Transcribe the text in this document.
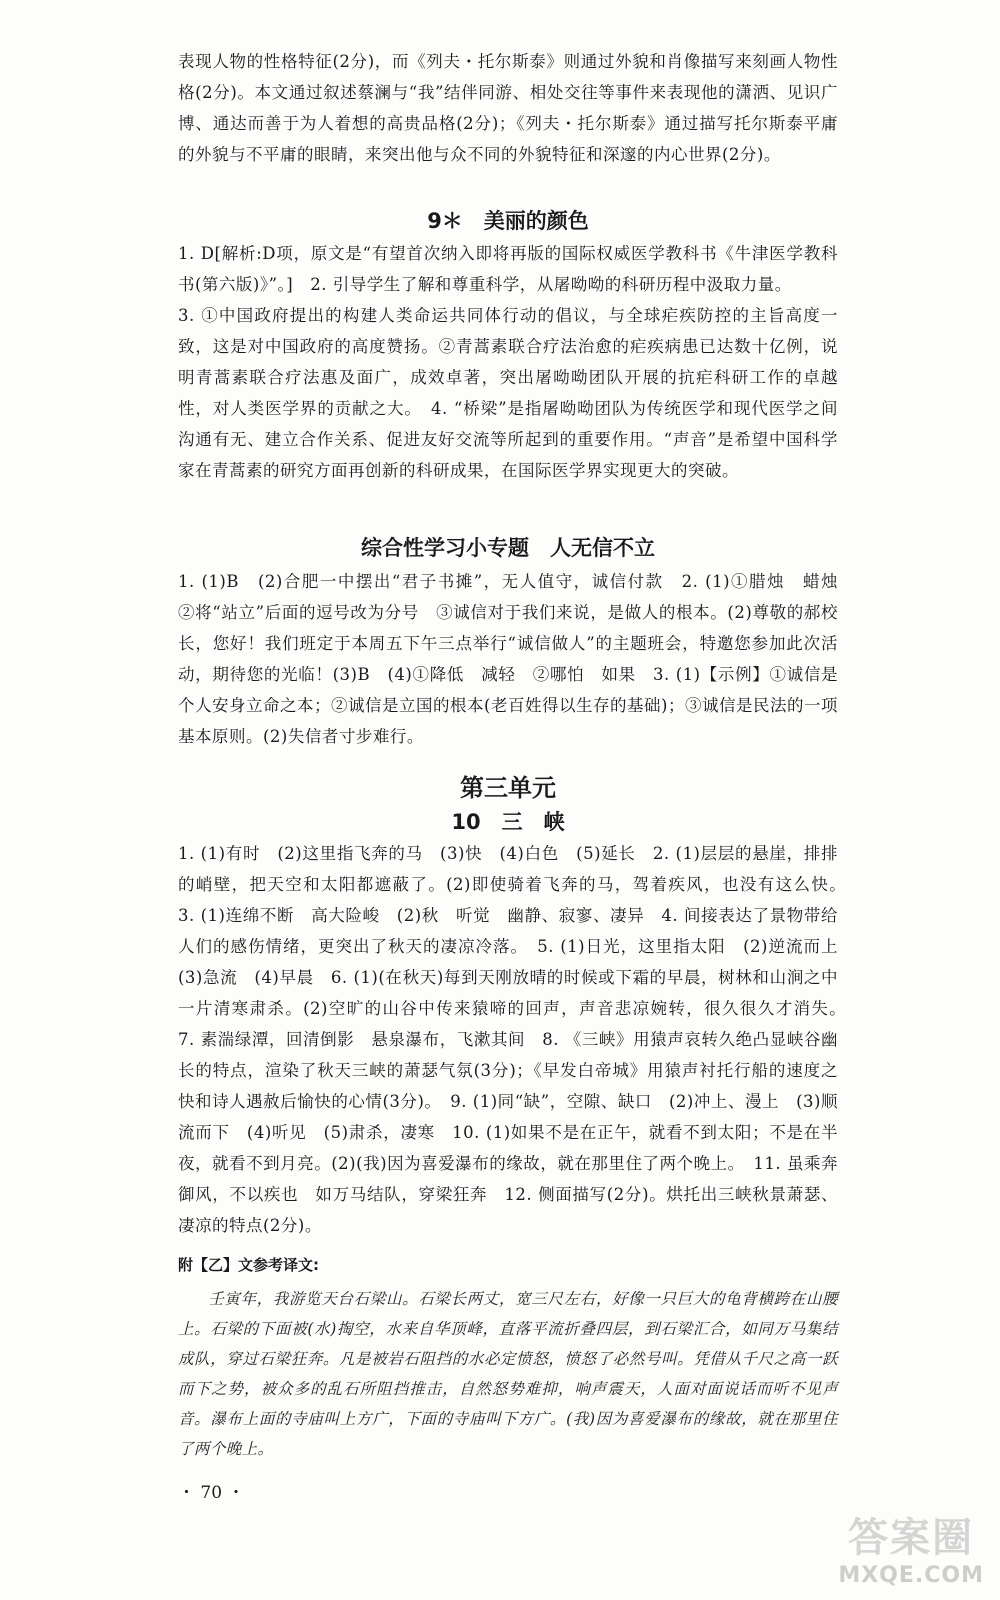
表现人物的性格特征(2分)，而《列夫・托尔斯泰》则通过外貌和肖像描写来刻画人物性格(2分)。本文通过叙述蔡澜与“我”结伴同游、相处交往等事件来表现他的潇洒、见识广博、通达而善于为人着想的高贵品格(2分)；《列夫・托尔斯泰》通过描写托尔斯泰平庸的外貌与不平庸的眼睛，来突出他与众不同的外貌特征和深邃的内心世界(2分)。
9＊　美丽的颜色
1. D[解析:D项，原文是“有望首次纳入即将再版的国际权威医学教科书《牛津医学教科书(第六版)》”。]　2. 引导学生了解和尊重科学，从屠呦呦的科研历程中汲取力量。
3. ①中国政府提出的构建人类命运共同体行动的倡议，与全球疟疾防控的主旨高度一致，这是对中国政府的高度赞扬。②青蒿素联合疗法治愈的疟疾病患已达数十亿例，说明青蒿素联合疗法惠及面广，成效卓著，突出屠呦呦团队开展的抗疟科研工作的卓越性，对人类医学界的贡献之大。　4. “桥梁”是指屠呦呦团队为传统医学和现代医学之间沟通有无、建立合作关系、促进友好交流等所起到的重要作用。“声音”是希望中国科学家在青蒿素的研究方面再创新的科研成果，在国际医学界实现更大的突破。
综合性学习小专题　人无信不立
1. (1)B　(2)合肥一中摆出“君子书摊”，无人值守，诚信付款　2. (1)①腊烛　蜡烛　②将“站立”后面的逗号改为分号　③诚信对于我们来说，是做人的根本。(2)尊敬的郝校长，您好！我们班定于本周五下午三点举行“诚信做人”的主题班会，特邀您参加此次活动，期待您的光临！(3)B　(4)①降低　减轻　②哪怕　如果　3. (1)【示例】①诚信是个人安身立命之本；②诚信是立国的根本(老百姓得以生存的基础)；③诚信是民法的一项基本原则。(2)失信者寸步难行。
第三单元
10　三　峡
1. (1)有时　(2)这里指飞奔的马　(3)快　(4)白色　(5)延长　2. (1)层层的悬崖，排排的峭壁，把天空和太阳都遮蔽了。(2)即使骑着飞奔的马，驾着疾风，也没有这么快。　3. (1)连绵不断　高大险峻　(2)秋　听觉　幽静、寂寥、凄异　4. 间接表达了景物带给人们的感伤情绪，更突出了秋天的凄凉冷落。　5. (1)日光，这里指太阳　(2)逆流而上　(3)急流　(4)早晨　6. (1)(在秋天)每到天刚放晴的时候或下霜的早晨，树林和山涧之中一片清寒肃杀。(2)空旷的山谷中传来猿啼的回声，声音悲凉婉转，很久很久才消失。　7. 素湍绿潭，回清倒影　悬泉瀑布，飞漱其间　8. 《三峡》用猿声哀转久绝凸显峡谷幽长的特点，渲染了秋天三峡的萧瑟气氛(3分)；《早发白帝城》用猿声衬托行船的速度之快和诗人遇赦后愉快的心情(3分)。　9. (1)同“缺”，空隙、缺口　(2)冲上、漫上　(3)顺流而下　(4)听见　(5)肃杀，凄寒　10. (1)如果不是在正午，就看不到太阳；不是在半夜，就看不到月亮。(2)(我)因为喜爱瀑布的缘故，就在那里住了两个晚上。　11. 虽乘奔御风，不以疾也　如万马结队，穿梁狂奔　12. 侧面描写(2分)。烘托出三峡秋景萧瑟、凄凉的特点(2分)。
附【乙】文参考译文:
壬寅年，我游览天台石梁山。石梁长两丈，宽三尺左右，好像一只巨大的龟背横跨在山腰上。石梁的下面被(水)掏空，水来自华顶峰，直落平流折叠四层，到石梁汇合，如同万马集结成队，穿过石梁狂奔。凡是被岩石阻挡的水必定愤怒，愤怒了必然号叫。凭借从千尺之高一跃而下之势，被众多的乱石所阻挡推击，自然怒势难抑，响声震天，人面对面说话而听不见声音。瀑布上面的寺庙叫上方广，下面的寺庙叫下方广。(我)因为喜爱瀑布的缘故，就在那里住了两个晚上。
・ 70 ・
答案圈
MXQE.COM
